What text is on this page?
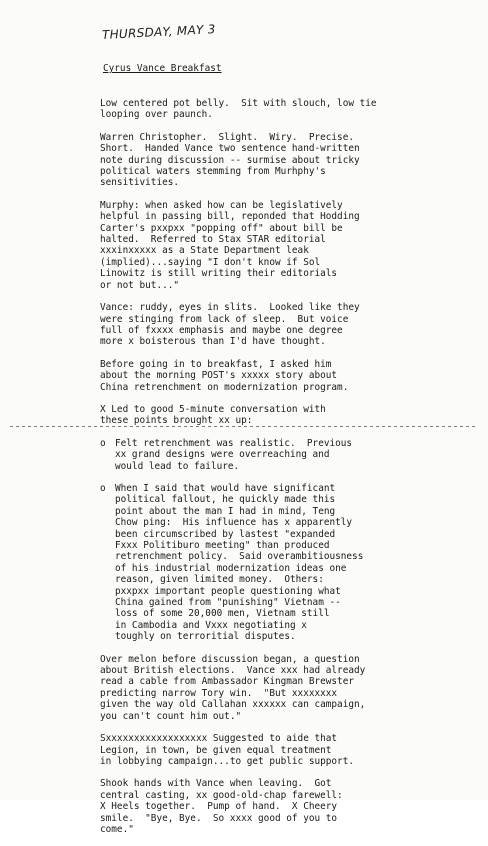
THURSDAY, MAY 3
Cyrus Vance Breakfast

Low centered pot belly.  Sit with slouch, low tie
looping over paunch.

Warren Christopher.  Slight.  Wiry.  Precise.
Short.  Handed Vance two sentence hand-written
note during discussion -- surmise about tricky
political waters stemming from Murhphy's
sensitivities.

Murphy: when asked how can be legislatively
helpful in passing bill, reponded that Hodding
Carter's pxxpxx "popping off" about bill be
halted.  Referred to Stax STAR editorial
xxxinxxxxx as a State Department leak
(implied)...saying "I don't know if Sol
Linowitz is still writing their editorials
or not but..."

Vance: ruddy, eyes in slits.  Looked like they
were stinging from lack of sleep.  But voice
full of fxxxx emphasis and maybe one degree
more x boisterous than I'd have thought.

Before going in to breakfast, I asked him
about the morning POST's xxxxx story about
China retrenchment on modernization program.

X Led to good 5-minute conversation with
these points brought xx up:

o Felt retrenchment was realistic.  Previous
xx grand designs were overreaching and
would lead to failure.
o When I said that would have significant
political fallout, he quickly made this
point about the man I had in mind, Teng
Chow ping:  His influence has x apparently
been circumscribed by lastest "expanded
Fxxx Politiburo meeting" than produced
retrenchment policy.  Said overambitiousness
of his industrial modernization ideas one
reason, given limited money.  Others:
pxxpxx important people questioning what
China gained from "punishing" Vietnam --
loss of some 20,000 men, Vietnam still
in Cambodia and Vxxx negotiating x
toughly on terroritial disputes.

Over melon before discussion began, a question
about British elections.  Vance xxx had already
read a cable from Ambassador Kingman Brewster
predicting narrow Tory win.  "But xxxxxxxx
given the way old Callahan xxxxxx can campaign,
you can't count him out."

Sxxxxxxxxxxxxxxxxxx Suggested to aide that
Legion, in town, be given equal treatment
in lobbying campaign...to get public support.

Shook hands with Vance when leaving.  Got
central casting, xx good-old-chap farewell:
X Heels together.  Pump of hand.  X Cheery
smile.  "Bye, Bye.  So xxxx good of you to
come."
